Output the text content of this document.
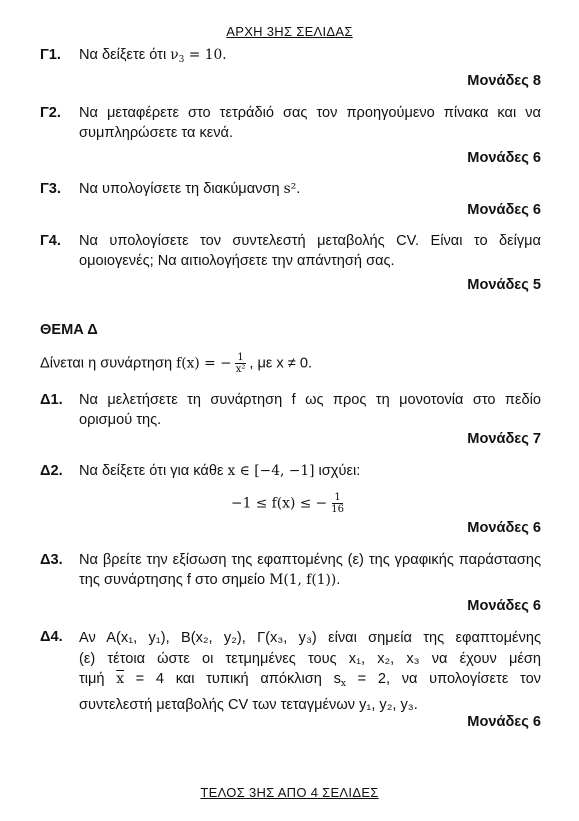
ΑΡΧΗ 3ΗΣ ΣΕΛΙΔΑΣ
Γ1. Να δείξετε ότι $\nu_3 = 10$.
Μονάδες 8
Γ2. Να μεταφέρετε στο τετράδιό σας τον προηγούμενο πίνακα και να συμπληρώσετε τα κενά.
Μονάδες 6
Γ3. Να υπολογίσετε τη διακύμανση s².
Μονάδες 6
Γ4. Να υπολογίσετε τον συντελεστή μεταβολής CV. Είναι το δείγμα ομοιογενές; Να αιτιολογήσετε την απάντησή σας.
Μονάδες 5
ΘΕΜΑ Δ
Δίνεται η συνάρτηση f(x) = − $\frac{1}{\text{x²}}$ , με x ≠ 0.
Δ1. Να μελετήσετε τη συνάρτηση f ως προς τη μονοτονία στο πεδίο ορισμού της.
Μονάδες 7
Δ2. Να δείξετε ότι για κάθε x ∈ [−4, −1] ισχύει:
−1 ≤ f(x) ≤ − $\frac{1}{16}$
Μονάδες 6
Δ3. Να βρείτε την εξίσωση της εφαπτομένης (ε) της γραφικής παράστασης της συνάρτησης f στο σημείο M(1, f(1)).
Μονάδες 6
Δ4. Αν Α(x₁, y₁), Β(x₂, y₂), Γ(x₃, y₃) είναι σημεία της εφαπτομένης
(ε) τέτοια ώστε οι τετμημένες τους x₁, x₂, x₃ να έχουν μέση
τιμή $\overline{x} = 4$ και τυπική απόκλιση $s_x = 2$, να υπολογίσετε τον
συντελεστή μεταβολής CV των τεταγμένων y₁, y₂, y₃.
Μονάδες 6
ΤΕΛΟΣ 3ΗΣ ΑΠΟ 4 ΣΕΛΙΔΕΣ
